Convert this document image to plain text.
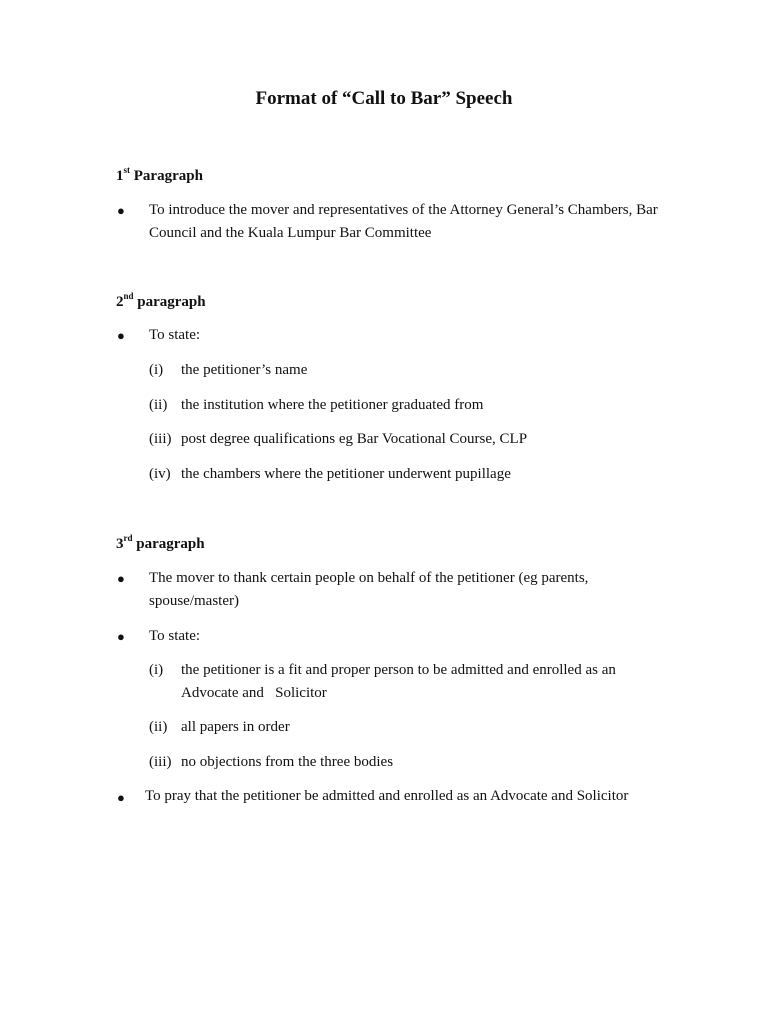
Format of “Call to Bar” Speech
1st Paragraph
● To introduce the mover and representatives of the Attorney General’s Chambers, Bar Council and the Kuala Lumpur Bar Committee
2nd paragraph
● To state:
(i) the petitioner’s name
(ii) the institution where the petitioner graduated from
(iii) post degree qualifications eg Bar Vocational Course, CLP
(iv) the chambers where the petitioner underwent pupillage
3rd paragraph
● The mover to thank certain people on behalf of the petitioner (eg parents, spouse/master)
● To state:
(i) the petitioner is a fit and proper person to be admitted and enrolled as an  Advocate and   Solicitor
(ii) all papers in order
(iii) no objections from the three bodies
● To pray that the petitioner be admitted and enrolled as an Advocate and Solicitor
